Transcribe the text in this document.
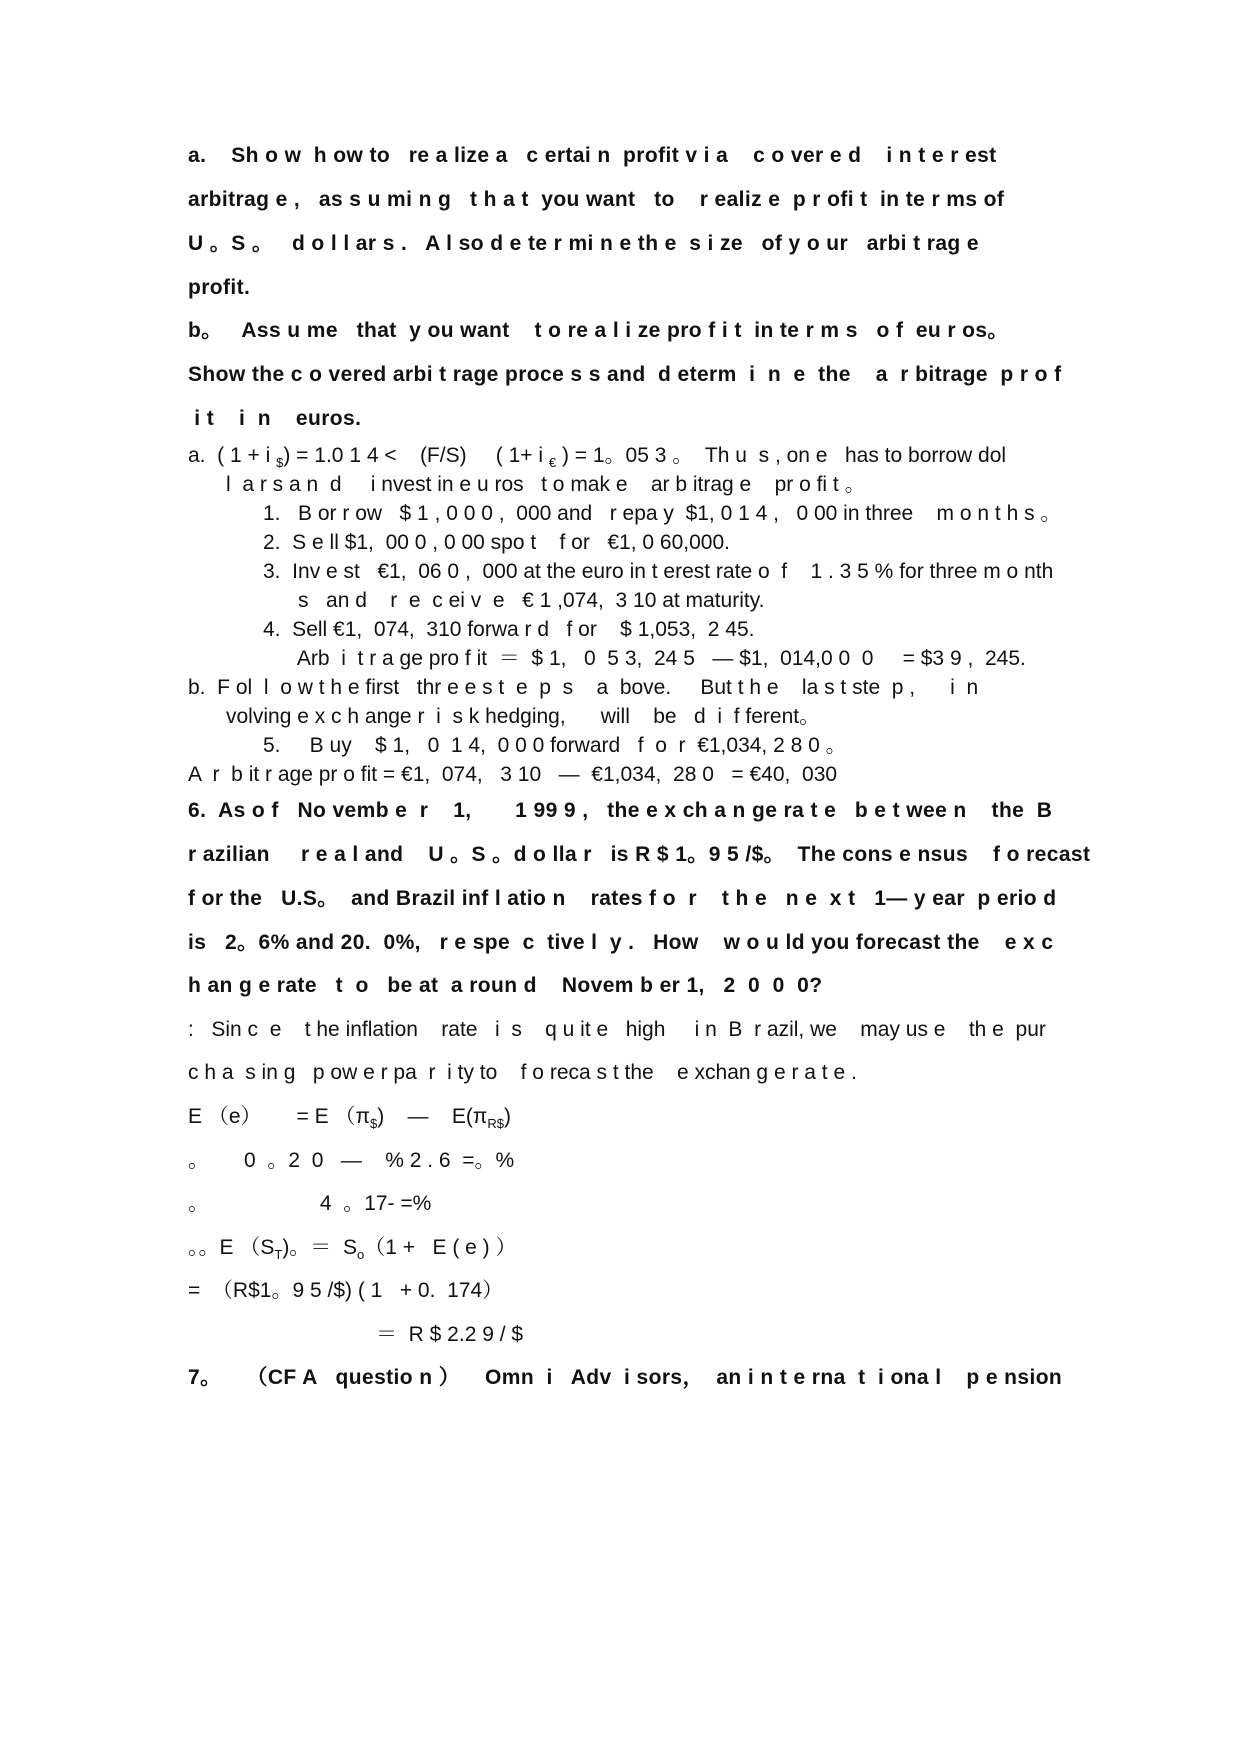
a.    Sh o w  h ow to   re a lize a   c ertai n  profit v i a    c o ver e d    i n t e r est
arbitrag e ,   as s u mi n g   t h a t  you want   to    r ealiz e  p r ofi t  in te r ms of
U 。S 。   d o l l ar s .   A l so d e te r mi n e th e  s i ze   of y o ur   arbi t rag e
profit.
b。   Ass u me   that  y ou want    t o re a l i ze pro f i t  in te r m s   o f  eu r os。
Show the c o vered arbi t rage proce s s and  d eterm  i  n  e  the    a  r bitrage  p r o f
i t    i  n    euros.
a.  ( 1 + i $_{\$}$) = 1.0 1 4 <    (F/S)     ( 1+ i $_€$ ) = 1。05 3 。  Th u  s , on e   has to borrow dol
l  a r s a n  d     i nvest in e u ros   t o mak e    ar b itrag e    pr o fi t 。
1.   B or r ow   $ 1 , 0 0 0 ,  000 and   r epa y  $1, 0 1 4 ,   0 00 in three    m o n t h s 。
2.  S e ll $1,  00 0 , 0 00 spo t    f or   €1, 0 60,000.
3.  Inv e st   €1,  06 0 ,  000 at the euro in t erest rate o  f    1 . 3 5 % for three m o nth
s   an d    r  e  c ei v  e   € 1 ,074,  3 10 at maturity.
4.  Sell €1,  074,  310 forwa r d   f or    $ 1,053,  2 45.
Arb  i  t r a ge pro f it  ＝  $ 1,   0  5 3,  24 5   — $1,  014,0 0  0     = $3 9 ,  245.
b.  F ol  l  o w t h e first   thr e e s t  e  p  s    a  bove.     But t h e    la s t ste  p ,      i  n
volving e x c h ange r  i  s k hedging,      will    be   d  i  f ferent。
5.     B uy    $ 1,   0  1 4,  0 0 0 forward   f  o  r  €1,034, 2 8 0 。
A  r  b it r age pr o fit = €1,  074,   3 10   ―  €1,034,  28 0   = €40,  030
6.  As o f   No vemb e  r    1,       1 99 9 ,   the e x ch a n ge ra t e   b e t wee n    the  B
r azilian     r e a l and    U 。S 。d o lla r   is R $ 1。9 5 /$。  The cons e nsus    f o recast
f or the   U.S。  and Brazil inf l atio n    rates f o  r    t h e   n e  x t   1— y ear  p erio d
is   2。6% and 20.  0%,   r e spe  c  tive l  y .   How    w o u ld you forecast the    e x c
h an g e rate   t  o   be at  a roun d    Novem b er 1,   2  0  0  0?
:   Sin c  e    t he inflation    rate   i  s    q u it e   high     i n  B  r azil, we    may us e    th e  pur
c h a  s in g   p ow e r pa  r  i ty to    f o reca s t the    e xchan g e r a t e .
E （e）      = E $(\pi_{\$})$    —    $E(\pi_{R\$})$
。      0  。2  0   —    % 2 . 6  =。%
。                   4  。17- =%
。。E $(S_T)$。＝  $S_o(1 + E$ ( e ) ）
=  （R$1。9 5 /$) ( 1   + 0.  174）
＝  R $ 2.2 9 / $
7。    （CF A   questio n ）    Omn  i   Adv  i sors，  an i n t e rna  t  i ona l    p e nsion
